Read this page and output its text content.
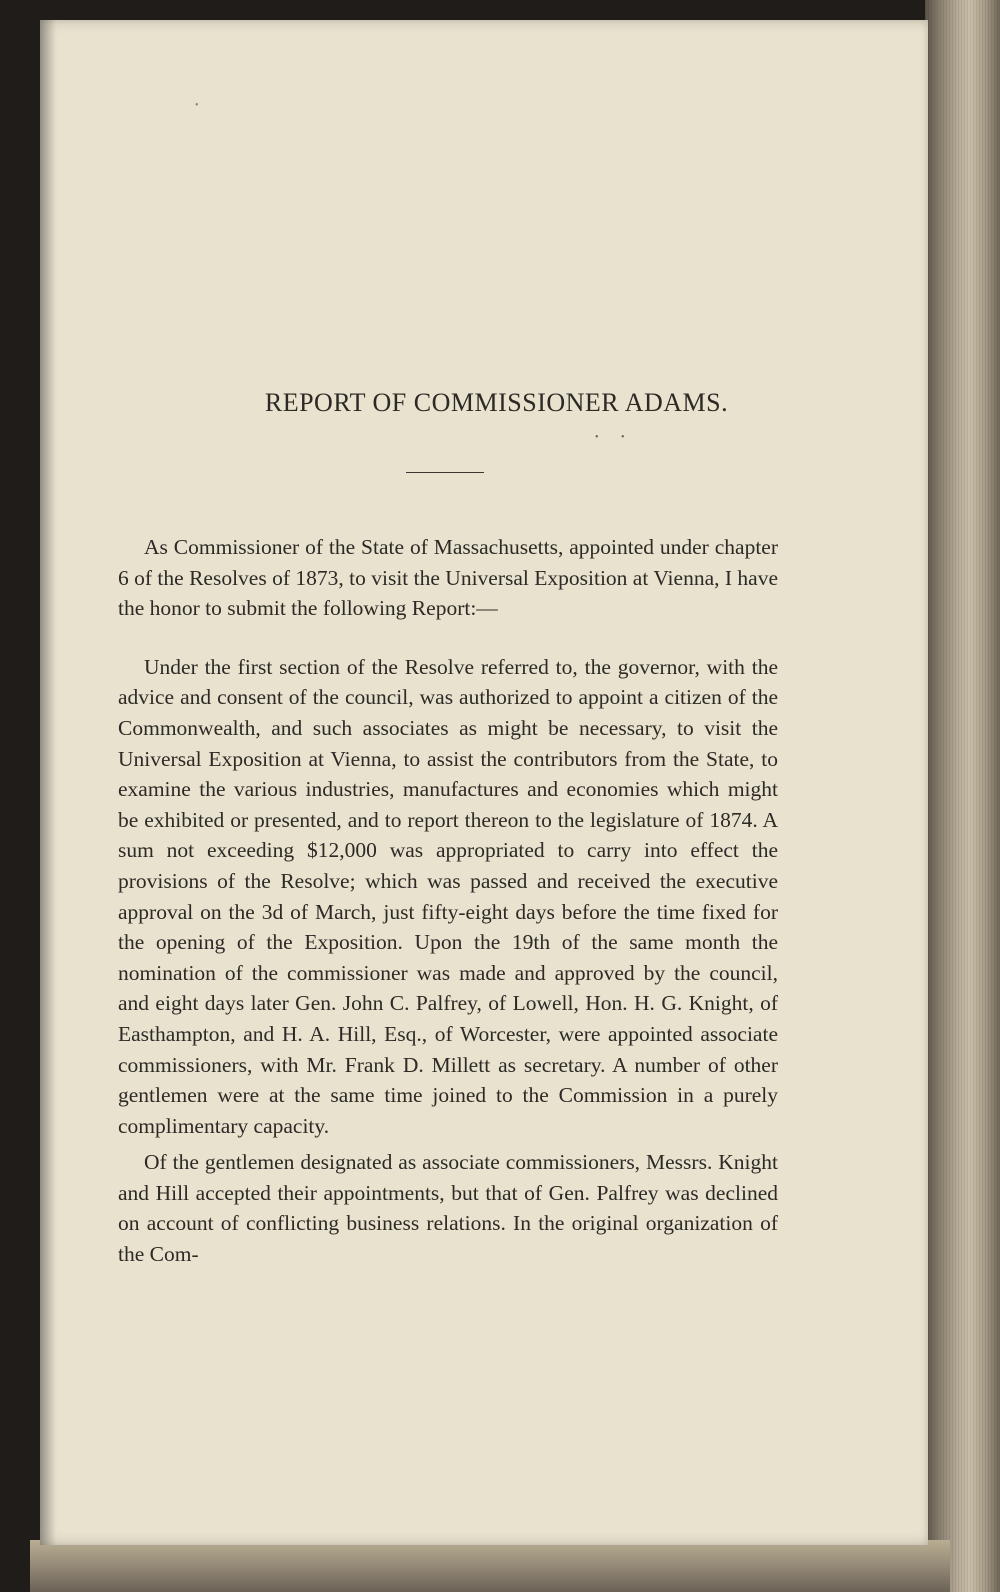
•
REPORT OF COMMISSIONER ADAMS.
• •

As Commissioner of the State of Massachusetts, appointed under chapter 6 of the Resolves of 1873, to visit the Universal Exposition at Vienna, I have the honor to submit the following Report:—

Under the first section of the Resolve referred to, the governor, with the advice and consent of the council, was authorized to appoint a citizen of the Commonwealth, and such associates as might be necessary, to visit the Universal Exposition at Vienna, to assist the contributors from the State, to examine the various industries, manufactures and economies which might be exhibited or presented, and to report thereon to the legislature of 1874. A sum not exceeding $12,000 was appropriated to carry into effect the provisions of the Resolve; which was passed and received the executive approval on the 3d of March, just fifty-eight days before the time fixed for the opening of the Exposition. Upon the 19th of the same month the nomination of the commissioner was made and approved by the council, and eight days later Gen. John C. Palfrey, of Lowell, Hon. H. G. Knight, of Easthampton, and H. A. Hill, Esq., of Worcester, were appointed associate commissioners, with Mr. Frank D. Millett as secretary. A number of other gentlemen were at the same time joined to the Commission in a purely complimentary capacity.

Of the gentlemen designated as associate commissioners, Messrs. Knight and Hill accepted their appointments, but that of Gen. Palfrey was declined on account of conflicting business relations. In the original organization of the Com-
